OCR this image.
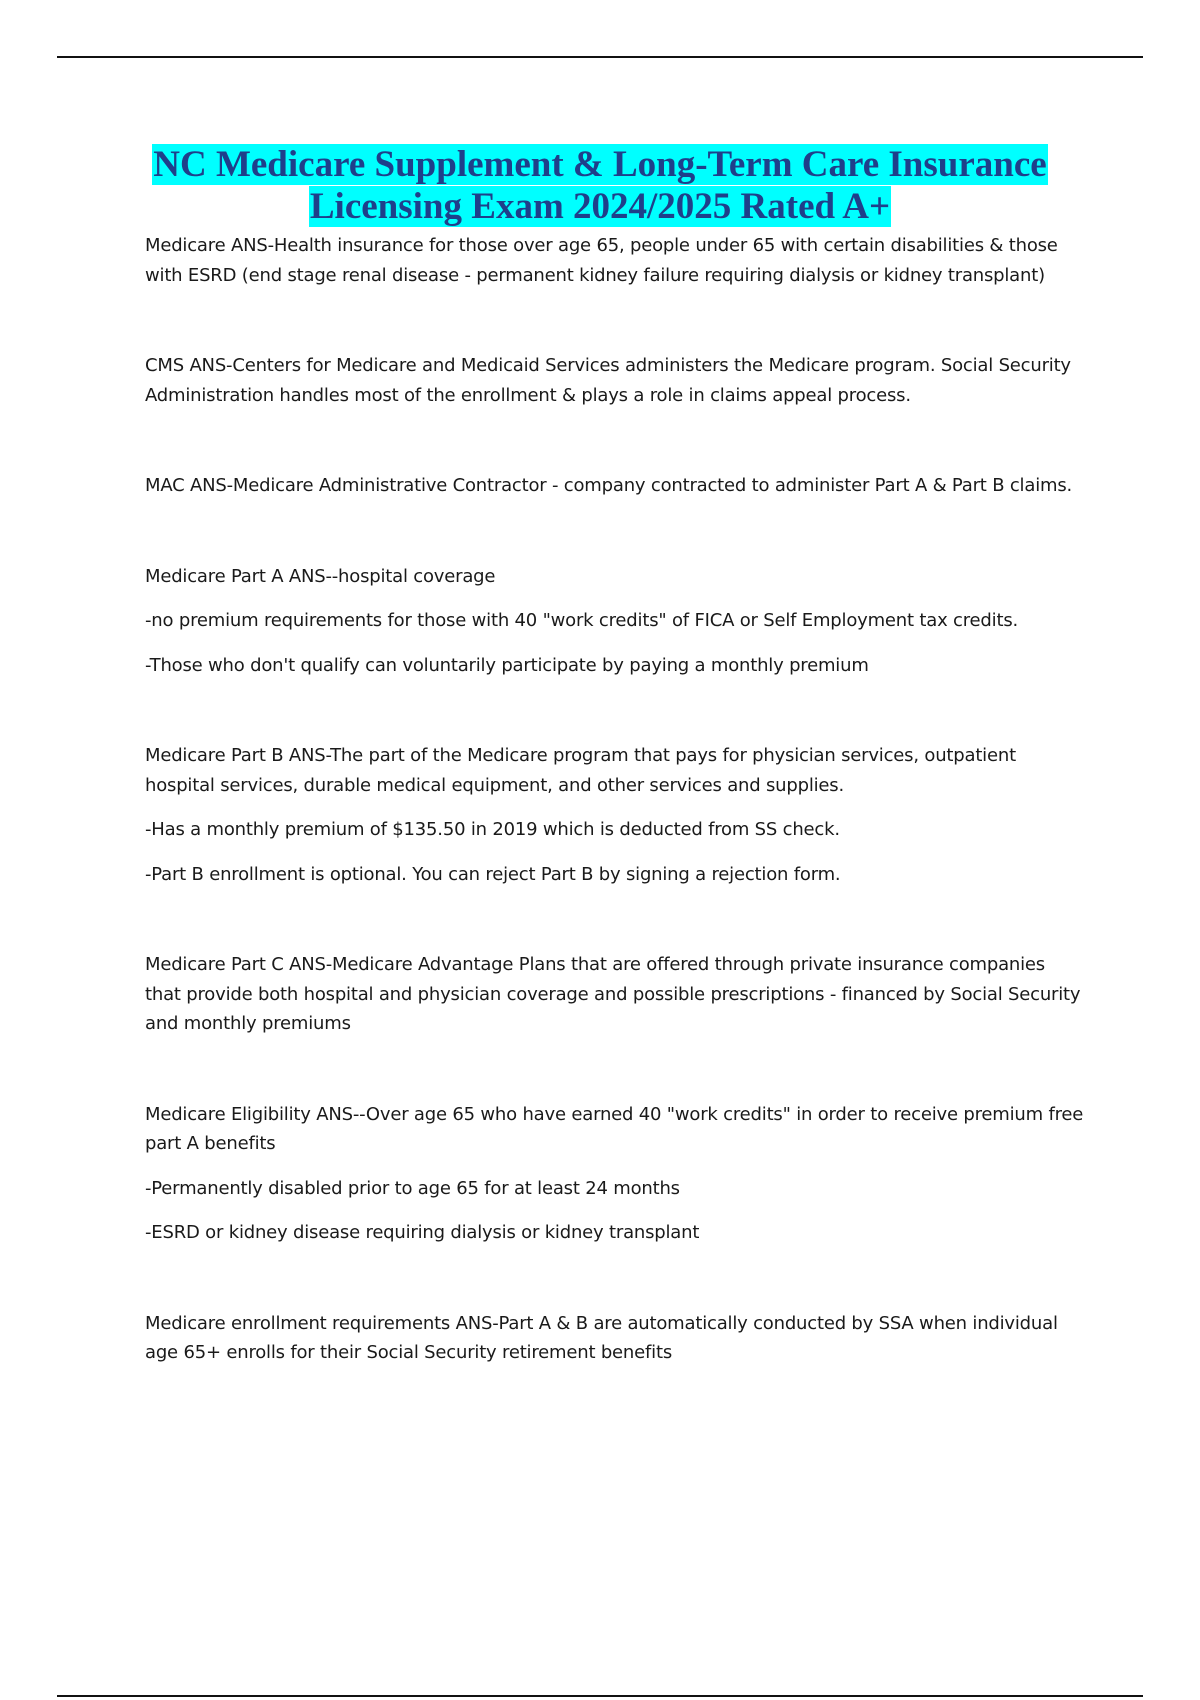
NC Medicare Supplement & Long-Term Care Insurance
Licensing Exam 2024/2025 Rated A+

Medicare ANS-Health insurance for those over age 65, people under 65 with certain disabilities & those with ESRD (end stage renal disease - permanent kidney failure requiring dialysis or kidney transplant)

CMS ANS-Centers for Medicare and Medicaid Services administers the Medicare program. Social Security Administration handles most of the enrollment & plays a role in claims appeal process.

MAC ANS-Medicare Administrative Contractor - company contracted to administer Part A & Part B claims.

Medicare Part A ANS--hospital coverage

-no premium requirements for those with 40 "work credits" of FICA or Self Employment tax credits.

-Those who don't qualify can voluntarily participate by paying a monthly premium

Medicare Part B ANS-The part of the Medicare program that pays for physician services, outpatient hospital services, durable medical equipment, and other services and supplies.

-Has a monthly premium of $135.50 in 2019 which is deducted from SS check.

-Part B enrollment is optional. You can reject Part B by signing a rejection form.

Medicare Part C ANS-Medicare Advantage Plans that are offered through private insurance companies that provide both hospital and physician coverage and possible prescriptions - financed by Social Security and monthly premiums

Medicare Eligibility ANS--Over age 65 who have earned 40 "work credits" in order to receive premium free part A benefits

-Permanently disabled prior to age 65 for at least 24 months

-ESRD or kidney disease requiring dialysis or kidney transplant

Medicare enrollment requirements ANS-Part A & B are automatically conducted by SSA when individual age 65+ enrolls for their Social Security retirement benefits
